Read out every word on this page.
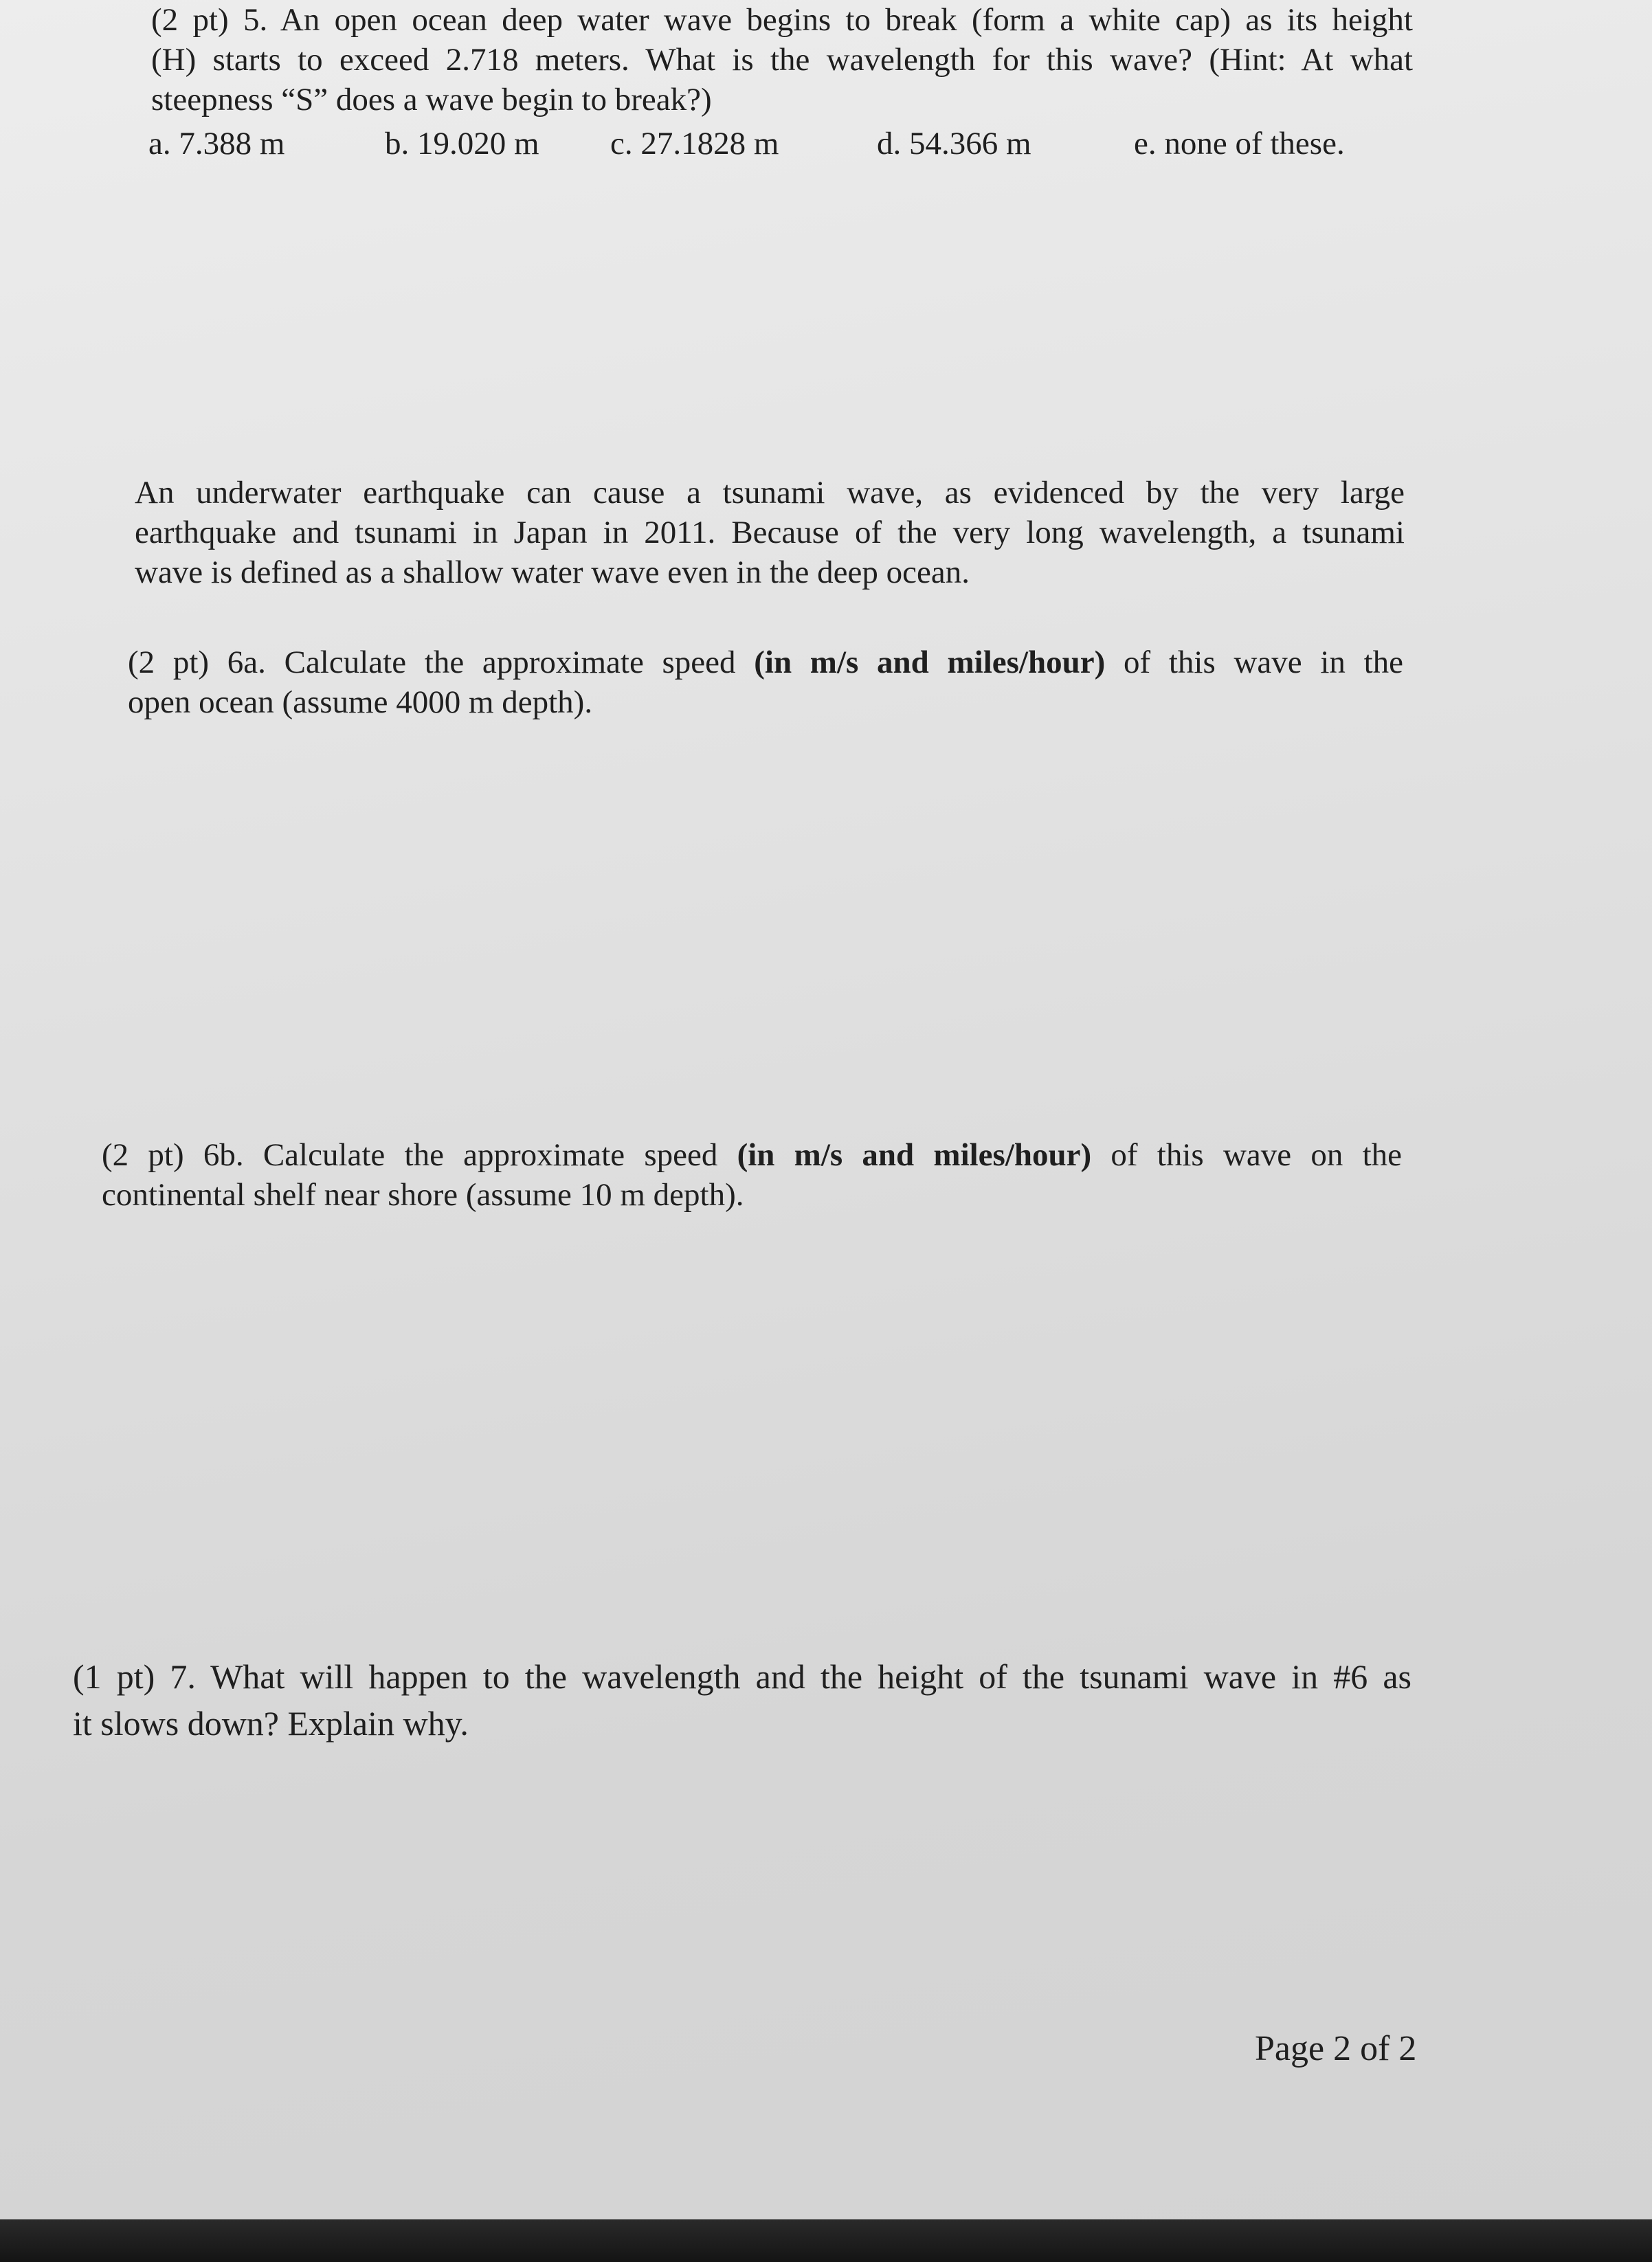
(2 pt) 5. An open ocean deep water wave begins to break (form a white cap) as its height

(H) starts to exceed 2.718 meters. What is the wavelength for this wave? (Hint: At what

steepness “S” does a wave begin to break?)

a. 7.388 m	b. 19.020 m c. 27.1828 m	d. 54.366 m	e. none of these.

An underwater earthquake can cause a tsunami wave, as evidenced by the very large

earthquake and tsunami in Japan in 2011. Because of the very long wavelength, a tsunami

wave is defined as a shallow water wave even in the deep ocean.

(2 pt) 6a. Calculate the approximate speed (in m/s and miles/hour) of this wave in the

open ocean (assume 4000 m depth).

(2 pt) 6b. Calculate the approximate speed (in m/s and miles/hour) of this wave on the

continental shelf near shore (assume 10 m depth).

(1 pt) 7. What will happen to the wavelength and the height of the tsunami wave in #6 as

it slows down? Explain why.

Page 2 of 2
